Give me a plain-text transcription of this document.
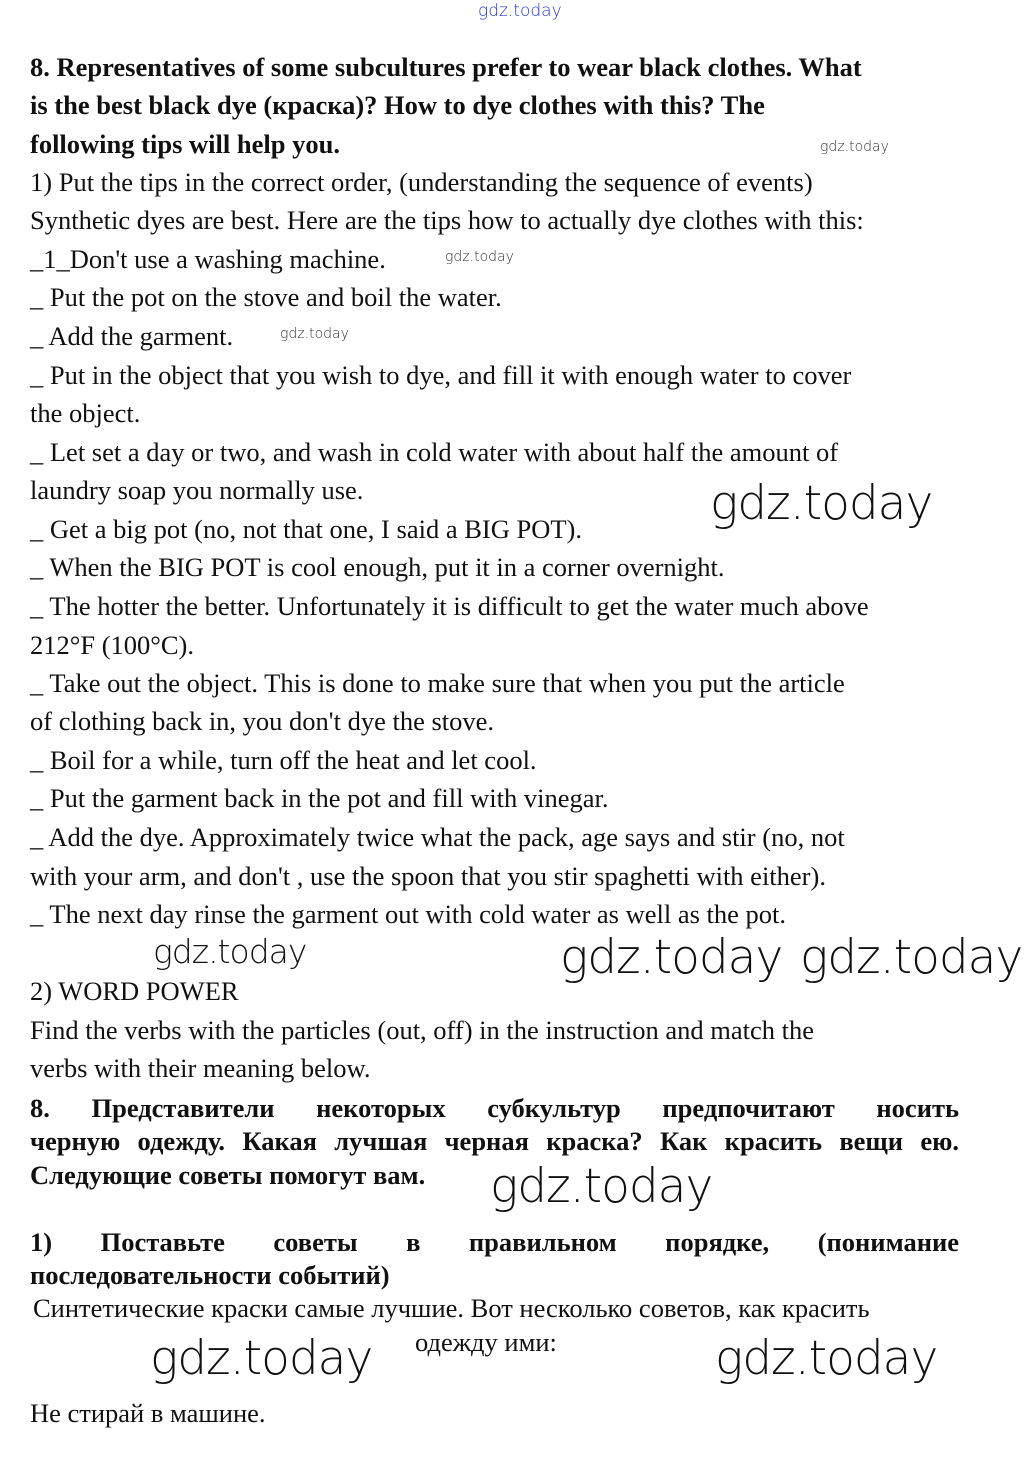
gdz.today
8. Representatives of some subcultures prefer to wear black clothes. What
is the best black dye (краска)? How to dye clothes with this? The
following tips will help you.
1) Put the tips in the correct order, (understanding the sequence of events)
Synthetic dyes are best. Here are the tips how to actually dye clothes with this:
_1_Don't use a washing machine.
_ Put the pot on the stove and boil the water.
_ Add the garment.
_ Put in the object that you wish to dye, and fill it with enough water to cover
the object.
_ Let set a day or two, and wash in cold water with about half the amount of
laundry soap you normally use.
_ Get a big pot (no, not that one, I said a BIG POT).
_ When the BIG POT is cool enough, put it in a corner overnight.
_ The hotter the better. Unfortunately it is difficult to get the water much above
212°F (100°C).
_ Take out the object. This is done to make sure that when you put the article
of clothing back in, you don't dye the stove.
_ Boil for a while, turn off the heat and let cool.
_ Put the garment back in the pot and fill with vinegar.
_ Add the dye. Approximately twice what the pack, age says and stir (no, not
with your arm, and don't , use the spoon that you stir spaghetti with either).
_ The next day rinse the garment out with cold water as well as the pot.
2) WORD POWER
Find the verbs with the particles (out, off) in the instruction and match the
verbs with their meaning below.
8. Представители некоторых субкультур предпочитают носить
черную одежду. Какая лучшая черная краска? Как красить вещи ею.
Следующие советы помогут вам.
1) Поставьте советы в правильном порядке, (понимание
последовательности событий)
Синтетические краски самые лучшие. Вот несколько советов, как красить
одежду ими:
Не стирай в машине.
gdz.today
gdz.today
gdz.today
gdz.today
gdz.today
gdz.today
gdz.today	gdz.today
gdz.today	gdz.today
